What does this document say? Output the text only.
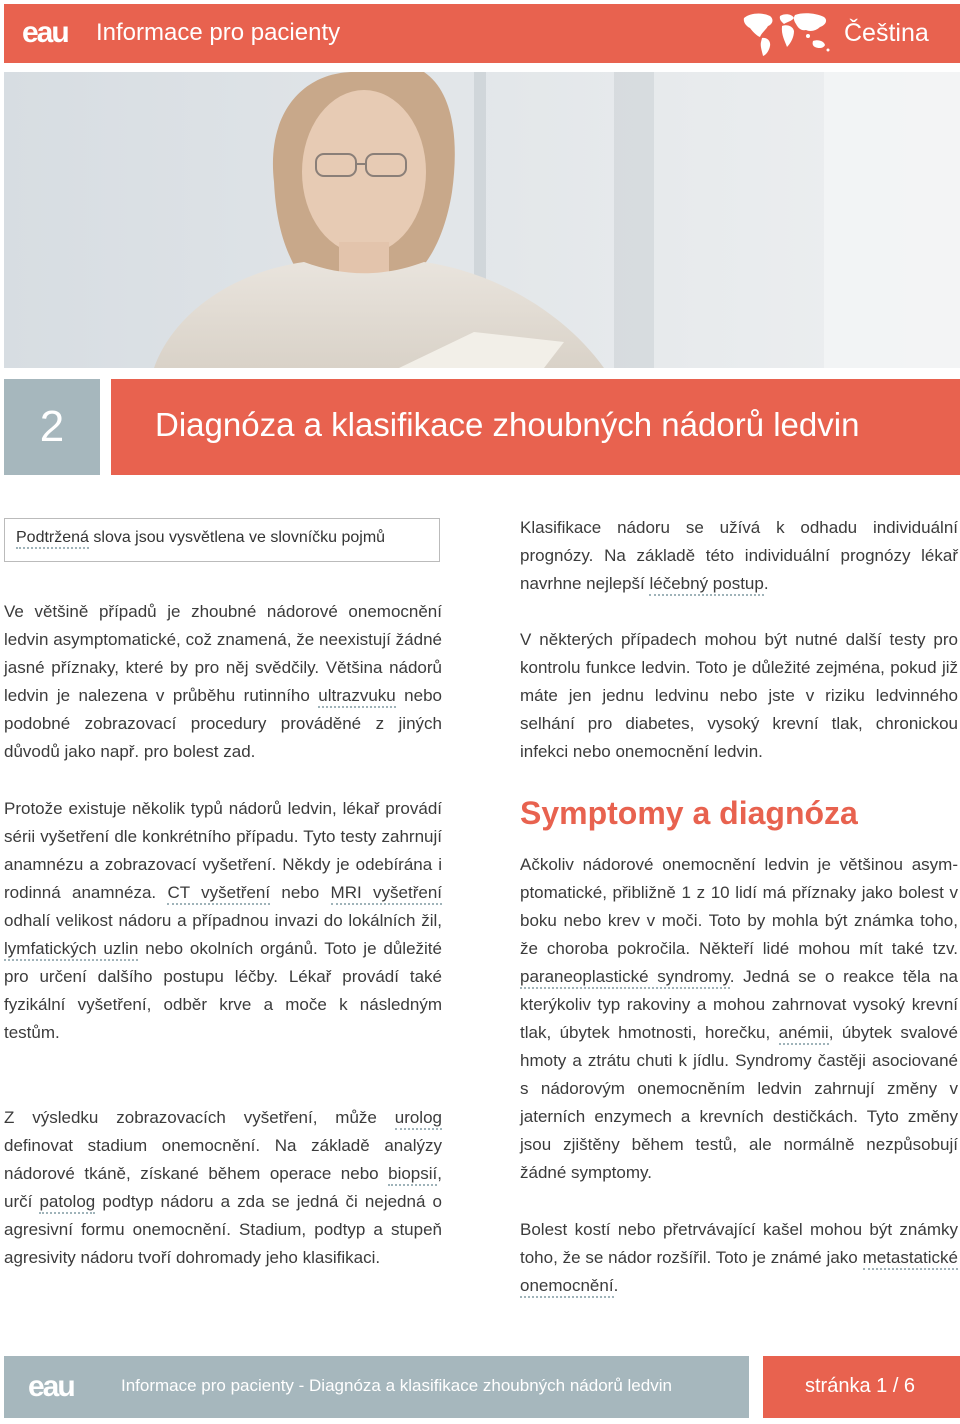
eau Informace pro pacienty	Čeština
2	Diagnóza a klasifikace zhoubných nádorů ledvin
Podtržená slova jsou vysvětlena ve slovníčku pojmů
Ve většině případů je zhoubné nádorové onemocnění ledvin asymptomatické, což znamená, že neexistují žádné jasné příznaky, které by pro něj svědčily. Většina nádorů ledvin je nalezena v průběhu rutinního ultrazvuku nebo podobné zobrazovací procedury prováděné z jiných důvodů jako např. pro bolest zad.
Protože existuje několik typů nádorů ledvin, lékař provádí sérii vyšetření dle konkrétního případu. Tyto testy zahrnují anamnézu a zobrazovací vyšetření. Někdy je odebírána i rodinná anamnéza. CT vyšetření nebo MRI vyšetření odhalí velikost nádoru a případnou invazi do lokálních žil, lymfatických uzlin nebo okolních orgánů. Toto je důležité pro určení dalšího postupu léčby. Lékař provádí také fyzikální vyšetření, odběr krve a moče k následným testům.
Z výsledku zobrazovacích vyšetření, může urolog definovat stadium onemocnění. Na základě analýzy nádorové tkáně, získané během operace nebo biopsií, určí patolog podtyp nádoru a zda se jedná či nejedná o agresivní formu onemocnění. Stadium, podtyp a stupeň agresivity nádoru tvoří dohromady jeho klasifikaci.
Klasifikace nádoru se užívá k odhadu individuální prognózy. Na základě této individuální prognózy lékař navrhne nejlepší léčebný postup.
V některých případech mohou být nutné další testy pro kontrolu funkce ledvin. Toto je důležité zejména, pokud již máte jen jednu ledvinu nebo jste v riziku ledvinného selhání pro diabetes, vysoký krevní tlak, chronickou infekci nebo onemocnění ledvin.
Symptomy a diagnóza
Ačkoliv nádorové onemocnění ledvin je většinou asymptomatické, přibližně 1 z 10 lidí má příznaky jako bolest v boku nebo krev v moči. Toto by mohla být známka toho, že choroba pokročila. Někteří lidé mohou mít také tzv. paraneoplastické syndromy. Jedná se o reakce těla na kterýkoliv typ rakoviny a mohou zahrnovat vysoký krevní tlak, úbytek hmotnosti, horečku, anémii, úbytek svalové hmoty a ztrátu chuti k jídlu. Syndromy častěji asociované s nádorovým onemocněním ledvin zahrnují změny v jaterních enzymech a krevních destičkách. Tyto změny jsou zjištěny během testů, ale normálně nezpůsobují žádné symptomy.
Bolest kostí nebo přetrvávající kašel mohou být známky toho, že se nádor rozšířil. Toto je známé jako metastatické onemocnění.
eau	Informace pro pacienty - Diagnóza a klasifikace zhoubných nádorů ledvin	stránka 1 / 6
